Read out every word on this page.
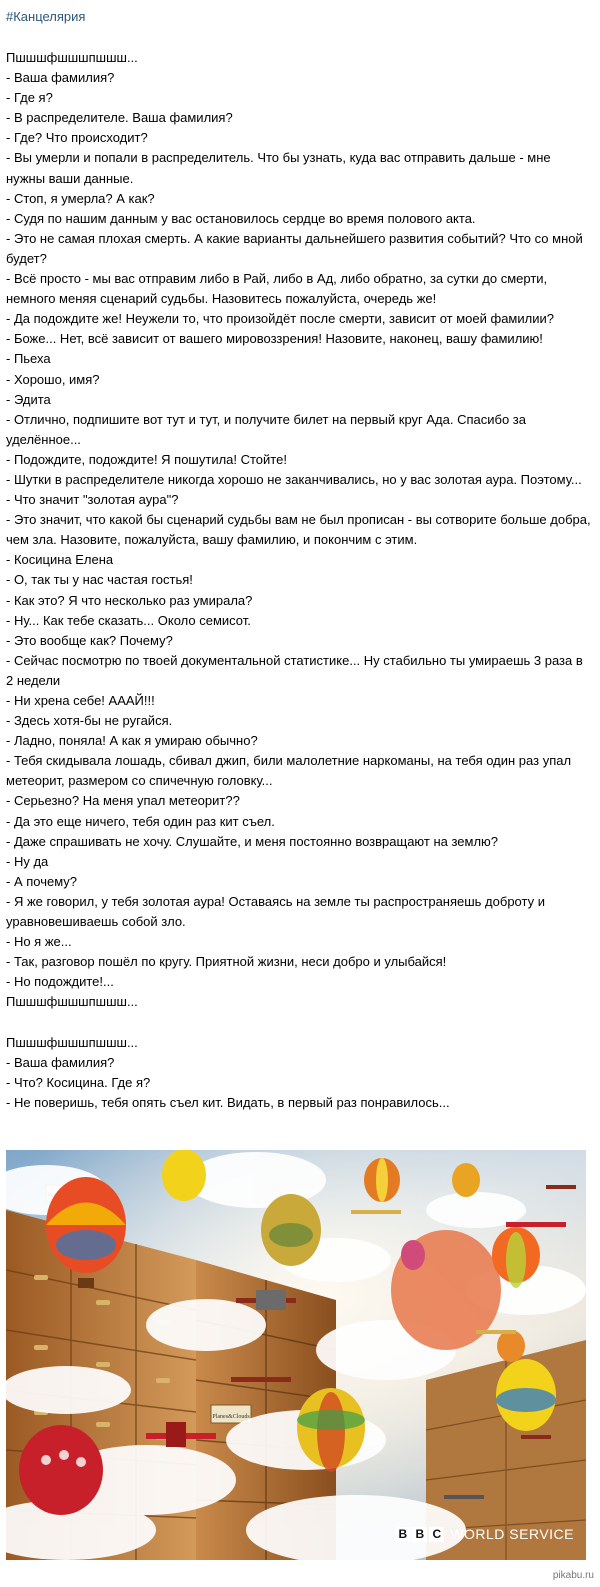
#Канцелярия
Пшшшфшшшпшшш...
- Ваша фамилия?
- Где я?
- В распределителе. Ваша фамилия?
- Где? Что происходит?
- Вы умерли и попали в распределитель. Что бы узнать, куда вас отправить дальше - мне нужны ваши данные.
- Стоп, я умерла? А как?
- Судя по нашим данным у вас остановилось сердце во время полового акта.
- Это не самая плохая смерть. А какие варианты дальнейшего развития событий? Что со мной будет?
- Всё просто - мы вас отправим либо в Рай, либо в Ад, либо обратно, за сутки до смерти, немного меняя сценарий судьбы. Назовитесь пожалуйста, очередь же!
- Да подождите же! Неужели то, что произойдёт после смерти, зависит от моей фамилии?
- Боже... Нет, всё зависит от вашего мировоззрения! Назовите, наконец, вашу фамилию!
- Пьеха
- Хорошо, имя?
- Эдита
- Отлично, подпишите вот тут и тут, и получите билет на первый круг Ада. Спасибо за уделённое...
- Подождите, подождите! Я пошутила! Стойте!
- Шутки в распределителе никогда хорошо не заканчивались, но у вас золотая аура. Поэтому...
- Что значит "золотая аура"?
- Это значит, что какой бы сценарий судьбы вам не был прописан - вы сотворите больше добра, чем зла. Назовите, пожалуйста, вашу фамилию, и покончим с этим.
- Косицина Елена
- О, так ты у нас частая гостья!
- Как это? Я что несколько раз умирала?
- Ну... Как тебе сказать... Около семисот.
- Это вообще как? Почему?
- Сейчас посмотрю по твоей документальной статистике... Ну стабильно ты умираешь 3 раза в 2 недели
- Ни хрена себе! АААЙ!!!
- Здесь хотя-бы не ругайся.
- Ладно, поняла! А как я умираю обычно?
- Тебя скидывала лошадь, сбивал джип, били малолетние наркоманы, на тебя один раз упал метеорит, размером со спичечную головку...
- Серьезно? На меня упал метеорит??
- Да это еще ничего, тебя один раз кит съел.
- Даже спрашивать не хочу. Слушайте, и меня постоянно возвращают на землю?
- Ну да
- А почему?
- Я же говорил, у тебя золотая аура! Оставаясь на земле ты распространяешь доброту и уравновешиваешь собой зло.
- Но я же...
- Так, разговор пошёл по кругу. Приятной жизни, неси добро и улыбайся!
- Но подождите!...
Пшшшфшшшпшшш...
Пшшшфшшшпшшш...
- Ваша фамилия?
- Что? Косицина. Где я?
- Не поверишь, тебя опять съел кит. Видать, в первый раз понравилось...
Planes&Clouds
B B C WORLD SERVICE
pikabu.ru
